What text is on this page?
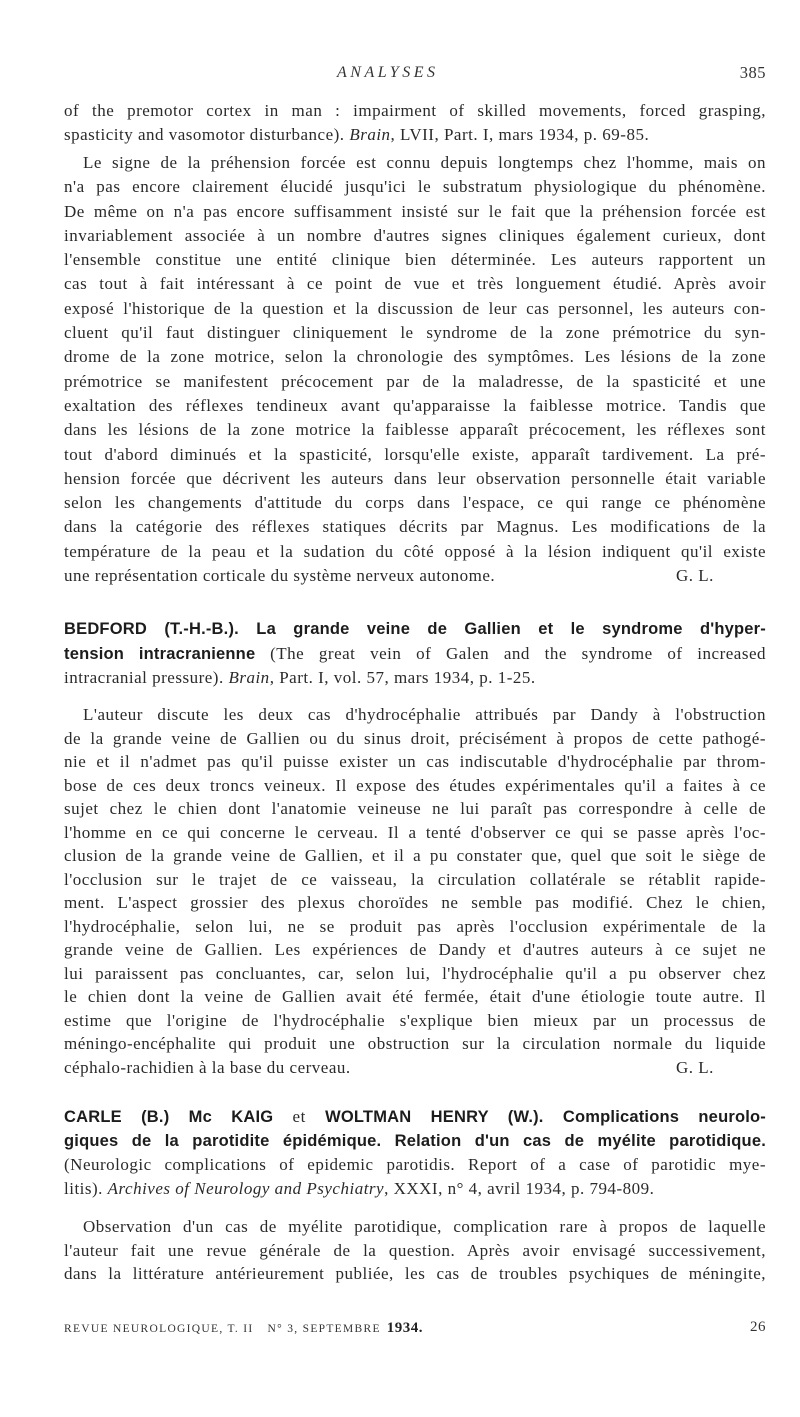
ANALYSES	385
of the premotor cortex in man : impairment of skilled movements, forced grasping,
spasticity and vasomotor disturbance). Brain, LVII, Part. I, mars 1934, p. 69-85.
Le signe de la préhension forcée est connu depuis longtemps chez l'homme, mais on
n'a pas encore clairement élucidé jusqu'ici le substratum physiologique du phénomène.
De même on n'a pas encore suffisamment insisté sur le fait que la préhension forcée est
invariablement associée à un nombre d'autres signes cliniques également curieux, dont
l'ensemble constitue une entité clinique bien déterminée. Les auteurs rapportent un
cas tout à fait intéressant à ce point de vue et très longuement étudié. Après avoir
exposé l'historique de la question et la discussion de leur cas personnel, les auteurs con-
cluent qu'il faut distinguer cliniquement le syndrome de la zone prémotrice du syn-
drome de la zone motrice, selon la chronologie des symptômes. Les lésions de la zone
prémotrice se manifestent précocement par de la maladresse, de la spasticité et une
exaltation des réflexes tendineux avant qu'apparaisse la faiblesse motrice. Tandis que
dans les lésions de la zone motrice la faiblesse apparaît précocement, les réflexes sont
tout d'abord diminués et la spasticité, lorsqu'elle existe, apparaît tardivement. La pré-
hension forcée que décrivent les auteurs dans leur observation personnelle était variable
selon les changements d'attitude du corps dans l'espace, ce qui range ce phénomène
dans la catégorie des réflexes statiques décrits par Magnus. Les modifications de la
température de la peau et la sudation du côté opposé à la lésion indiquent qu'il existe
une représentation corticale du système nerveux autonome.	G. L.
BEDFORD (T.-H.-B.). La grande veine de Gallien et le syndrome d'hyper-
tension intracranienne (The great vein of Galen and the syndrome of increased
intracranial pressure). Brain, Part. I, vol. 57, mars 1934, p. 1-25.
L'auteur discute les deux cas d'hydrocéphalie attribués par Dandy à l'obstruction
de la grande veine de Gallien ou du sinus droit, précisément à propos de cette pathogé-
nie et il n'admet pas qu'il puisse exister un cas indiscutable d'hydrocéphalie par throm-
bose de ces deux troncs veineux. Il expose des études expérimentales qu'il a faites à ce
sujet chez le chien dont l'anatomie veineuse ne lui paraît pas correspondre à celle de
l'homme en ce qui concerne le cerveau. Il a tenté d'observer ce qui se passe après l'oc-
clusion de la grande veine de Gallien, et il a pu constater que, quel que soit le siège de
l'occlusion sur le trajet de ce vaisseau, la circulation collatérale se rétablit rapide-
ment. L'aspect grossier des plexus choroïdes ne semble pas modifié. Chez le chien,
l'hydrocéphalie, selon lui, ne se produit pas après l'occlusion expérimentale de la
grande veine de Gallien. Les expériences de Dandy et d'autres auteurs à ce sujet ne
lui paraissent pas concluantes, car, selon lui, l'hydrocéphalie qu'il a pu observer chez
le chien dont la veine de Gallien avait été fermée, était d'une étiologie toute autre. Il
estime que l'origine de l'hydrocéphalie s'explique bien mieux par un processus de
méningo-encéphalite qui produit une obstruction sur la circulation normale du liquide
céphalo-rachidien à la base du cerveau.	G. L.
CARLE (B.) Mc KAIG et WOLTMAN HENRY (W.). Complications neurolo-
giques de la parotidite épidémique. Relation d'un cas de myélite parotidique.
(Neurologic complications of epidemic parotidis. Report of a case of parotidic mye-
litis). Archives of Neurology and Psychiatry, XXXI, n° 4, avril 1934, p. 794-809.
Observation d'un cas de myélite parotidique, complication rare à propos de laquelle
l'auteur fait une revue générale de la question. Après avoir envisagé successivement,
dans la littérature antérieurement publiée, les cas de troubles psychiques de méningite,
REVUE NEUROLOGIQUE, T. II N° 3, SEPTEMBRE 1934.	26
